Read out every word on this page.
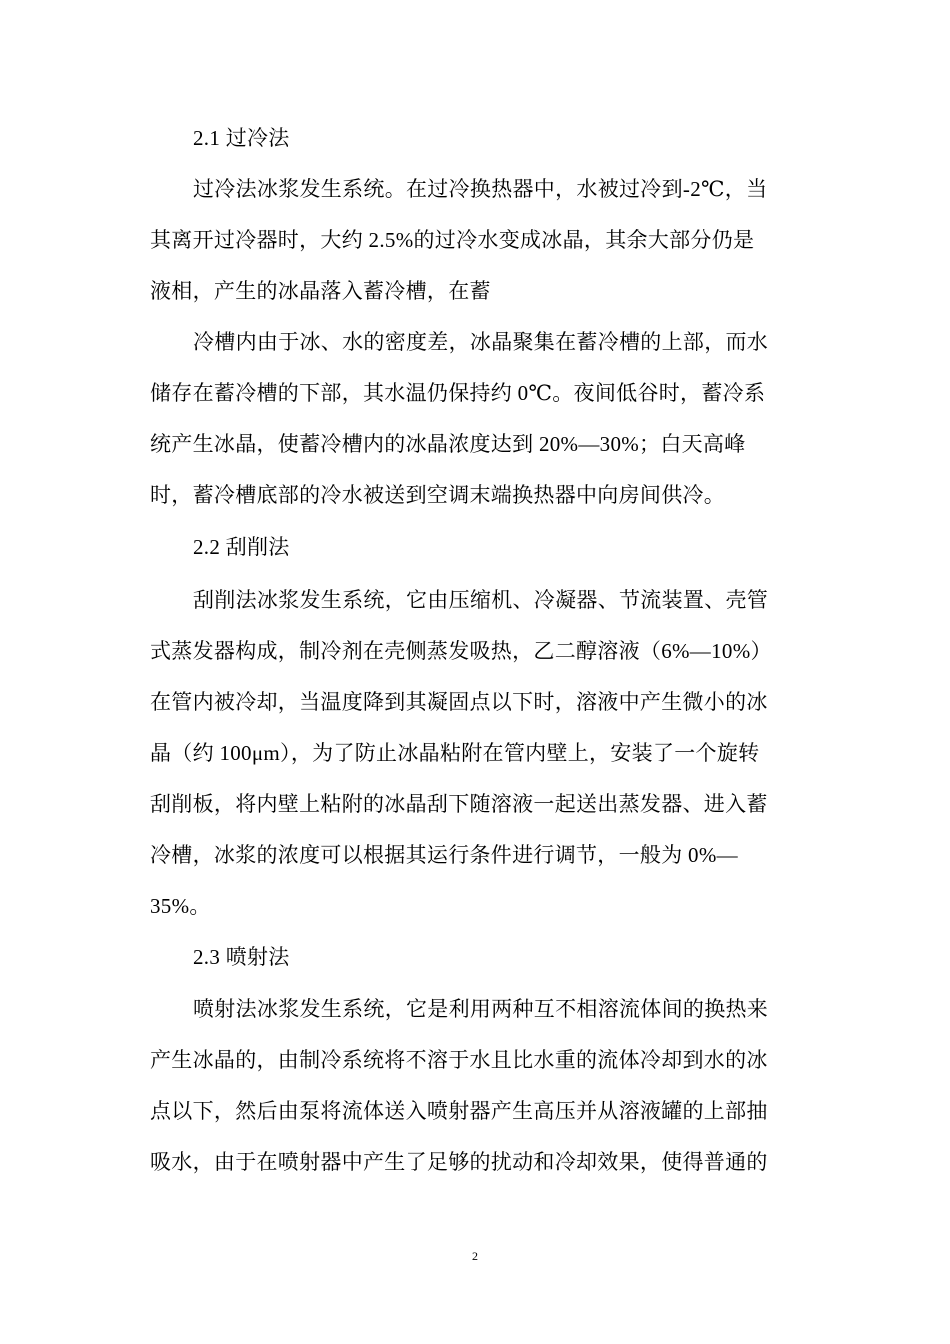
2.1 过冷法
过冷法冰浆发生系统。在过冷换热器中，水被过冷到-2℃，当
其离开过冷器时，大约 2.5%的过冷水变成冰晶，其余大部分仍是
液相，产生的冰晶落入蓄冷槽，在蓄
冷槽内由于冰、水的密度差，冰晶聚集在蓄冷槽的上部，而水
储存在蓄冷槽的下部，其水温仍保持约 0℃。夜间低谷时，蓄冷系
统产生冰晶，使蓄冷槽内的冰晶浓度达到 20%—30%；白天高峰
时，蓄冷槽底部的冷水被送到空调末端换热器中向房间供冷。
2.2 刮削法
刮削法冰浆发生系统，它由压缩机、冷凝器、节流装置、壳管
式蒸发器构成，制冷剂在壳侧蒸发吸热，乙二醇溶液（6%—10%）
在管内被冷却，当温度降到其凝固点以下时，溶液中产生微小的冰
晶（约 100μm），为了防止冰晶粘附在管内壁上，安装了一个旋转
刮削板，将内壁上粘附的冰晶刮下随溶液一起送出蒸发器、进入蓄
冷槽，冰浆的浓度可以根据其运行条件进行调节，一般为 0%—
35%。
2.3 喷射法
喷射法冰浆发生系统，它是利用两种互不相溶流体间的换热来
产生冰晶的，由制冷系统将不溶于水且比水重的流体冷却到水的冰
点以下，然后由泵将流体送入喷射器产生高压并从溶液罐的上部抽
吸水，由于在喷射器中产生了足够的扰动和冷却效果，使得普通的
2
